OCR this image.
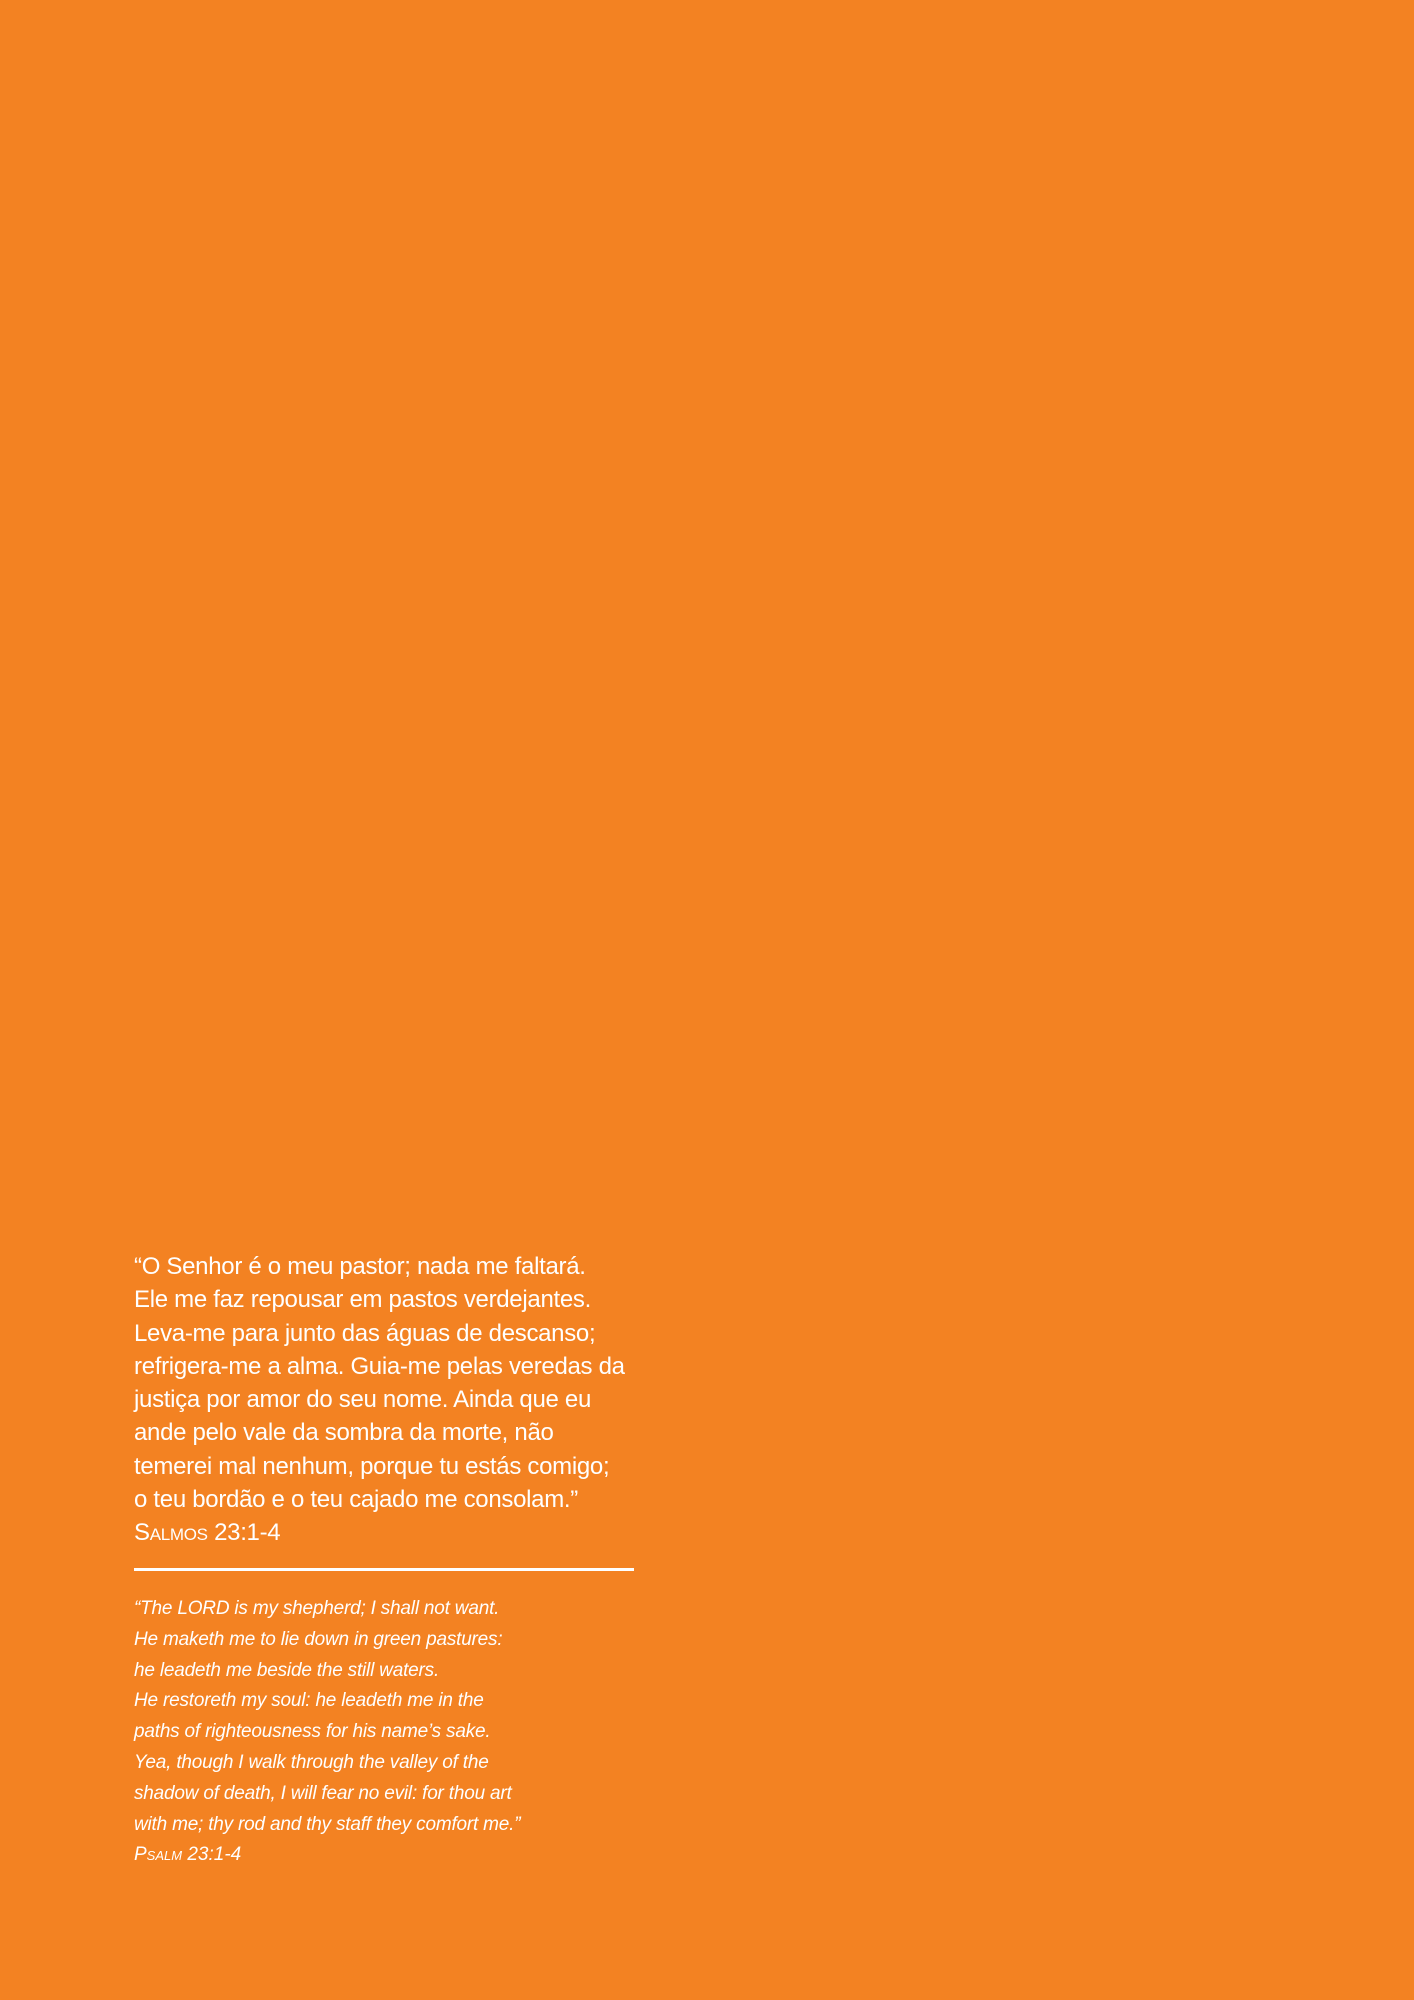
“O Senhor é o meu pastor; nada me faltará.
Ele me faz repousar em pastos verdejantes.
Leva-me para junto das águas de descanso;
refrigera-me a alma. Guia-me pelas veredas da
justiça por amor do seu nome. Ainda que eu
ande pelo vale da sombra da morte, não
temerei mal nenhum, porque tu estás comigo;
o teu bordão e o teu cajado me consolam.”

Salmos 23:1-4

“The LORD is my shepherd; I shall not want.
He maketh me to lie down in green pastures:
he leadeth me beside the still waters.
He restoreth my soul: he leadeth me in the
paths of righteousness for his name’s sake.
Yea, though I walk through the valley of the
shadow of death, I will fear no evil: for thou art
with me; thy rod and thy staff they comfort me.”

Psalm 23:1-4
